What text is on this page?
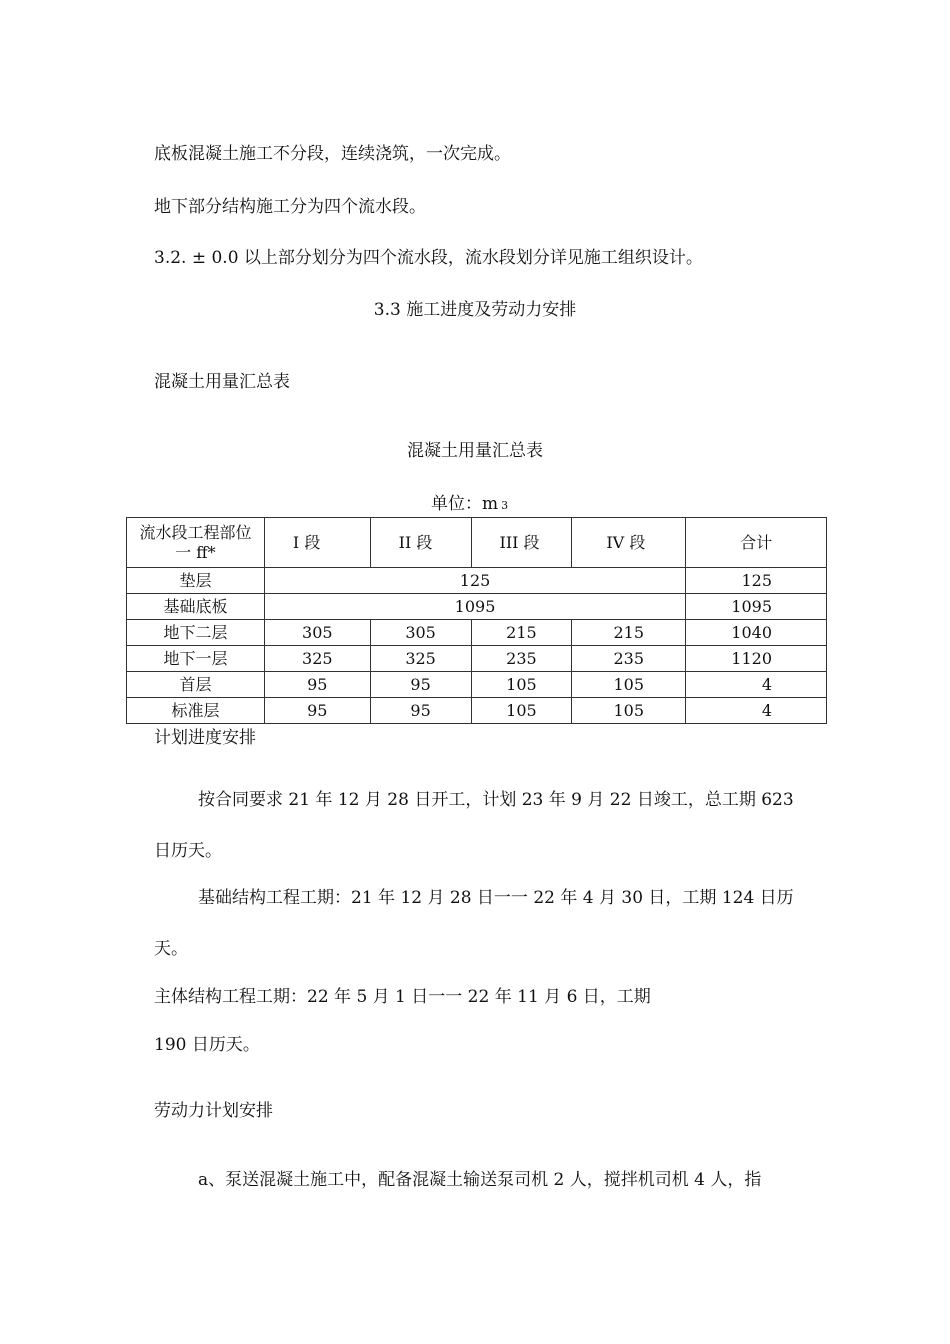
底板混凝土施工不分段，连续浇筑，一次完成。
地下部分结构施工分为四个流水段。
3.2. ± 0.0 以上部分划分为四个流水段，流水段划分详见施工组织设计。
3.3 施工进度及劳动力安排
混凝土用量汇总表
混凝土用量汇总表
单位：m 3
流水段工程部位
一 ff*	I 段	II 段	III 段	IV 段	合计
垫层	125				125
基础底板	1095				1095
地下二层	305	305	215	215	1040
地下一层	325	325	235	235	1120
首层	95	95	105	105	4
标准层	95	95	105	105	4
计划进度安排
按合同要求 21 年 12 月 28 日开工，计划 23 年 9 月 22 日竣工，总工期 623
日历天。
基础结构工程工期：21 年 12 月 28 日一一 22 年 4 月 30 日，工期 124 日历
天。
主体结构工程工期：22 年 5 月 1 日一一 22 年 11 月 6 日，工期
190 日历天。
劳动力计划安排
a、泵送混凝土施工中，配备混凝土输送泵司机 2 人，搅拌机司机 4 人，指
